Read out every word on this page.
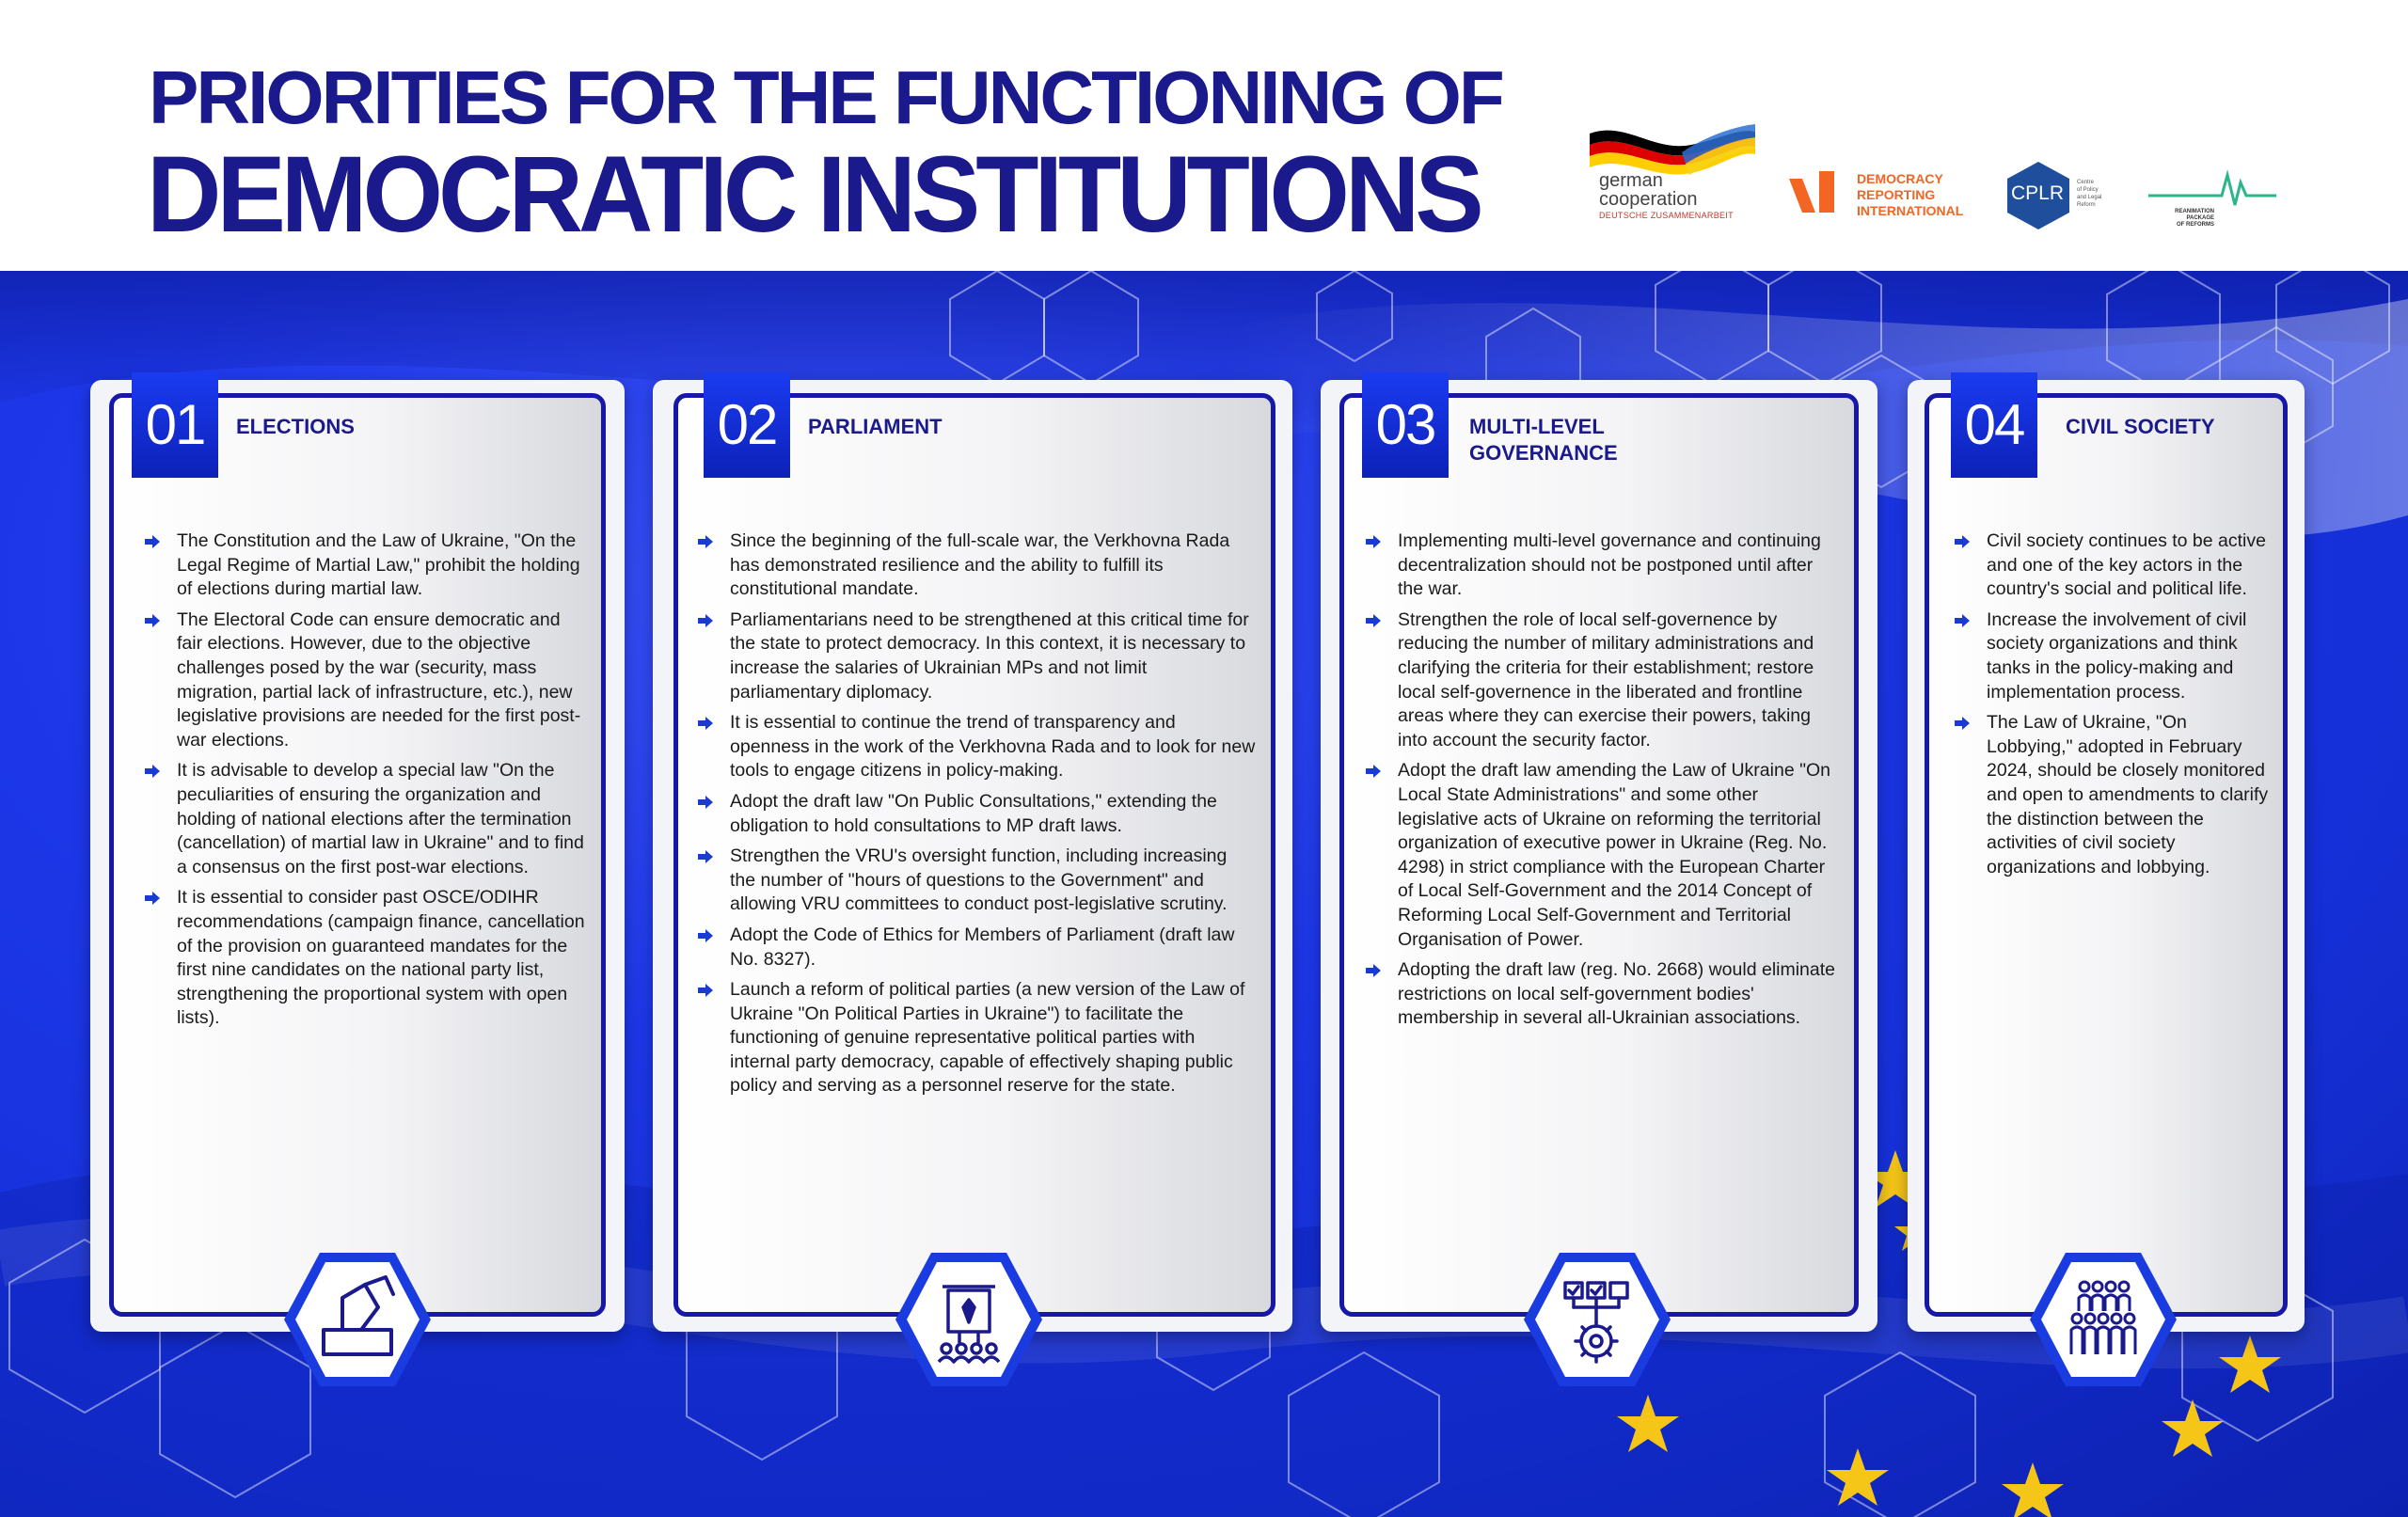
PRIORITIES FOR THE FUNCTIONING OF
DEMOCRATIC INSTITUTIONS	german
cooperation
DEUTSCHE ZUSAMMENARBEIT
DEMOCRACY
REPORTING
INTERNATIONAL
CPLR Centre
of Policy
and Legal
Reform
REANIMATION PACKAGE
OF REFORMS
01	ELECTIONS
The Constitution and the Law of Ukraine, "On the Legal Regime of Martial Law," prohibit the holding of elections during martial law.
The Electoral Code can ensure democratic and fair elections. However, due to the objective challenges posed by the war (security, mass migration, partial lack of infrastructure, etc.), new legislative provisions are needed for the first post-war elections.
It is advisable to develop a special law "On the peculiarities of ensuring the organization and holding of national elections after the termination (cancellation) of martial law in Ukraine" and to find a consensus on the first post-war elections.
It is essential to consider past OSCE/ODIHR recommendations (campaign finance, cancellation of the provision on guaranteed mandates for the first nine candidates on the national party list, strengthening the proportional system with open lists).
02	PARLIAMENT
Since the beginning of the full-scale war, the Verkhovna Rada has demonstrated resilience and the ability to fulfill its constitutional mandate.
Parliamentarians need to be strengthened at this critical time for the state to protect democracy. In this context, it is necessary to increase the salaries of Ukrainian MPs and not limit parliamentary diplomacy.
It is essential to continue the trend of transparency and openness in the work of the Verkhovna Rada and to look for new tools to engage citizens in policy-making.
Adopt the draft law "On Public Consultations," extending the obligation to hold consultations to MP draft laws.
Strengthen the VRU's oversight function, including increasing the number of "hours of questions to the Government" and allowing VRU committees to conduct post-legislative scrutiny.
Adopt the Code of Ethics for Members of Parliament (draft law No. 8327).
Launch a reform of political parties (a new version of the Law of Ukraine "On Political Parties in Ukraine") to facilitate the functioning of genuine representative political parties with internal party democracy, capable of effectively shaping public policy and serving as a personnel reserve for the state.
03	MULTI-LEVEL
GOVERNANCE
Implementing multi-level governance and continuing decentralization should not be postponed until after the war.
Strengthen the role of local self-governence by reducing the number of military administrations and clarifying the criteria for their establishment; restore local self-governence in the liberated and frontline areas where they can exercise their powers, taking into account the security factor.
Adopt the draft law amending the Law of Ukraine "On Local State Administrations" and some other legislative acts of Ukraine on reforming the territorial organization of executive power in Ukraine (Reg. No. 4298) in strict compliance with the European Charter of Local Self-Government and the 2014 Concept of Reforming Local Self-Government and Territorial Organisation of Power.
Adopting the draft law (reg. No. 2668) would eliminate restrictions on local self-government bodies' membership in several all-Ukrainian associations.
04	CIVIL SOCIETY
Civil society continues to be active and one of the key actors in the country's social and political life.
Increase the involvement of civil society organizations and think tanks in the policy-making and implementation process.
The Law of Ukraine, "On Lobbying," adopted in February 2024, should be closely monitored and open to amendments to clarify the distinction between the activities of civil society organizations and lobbying.
